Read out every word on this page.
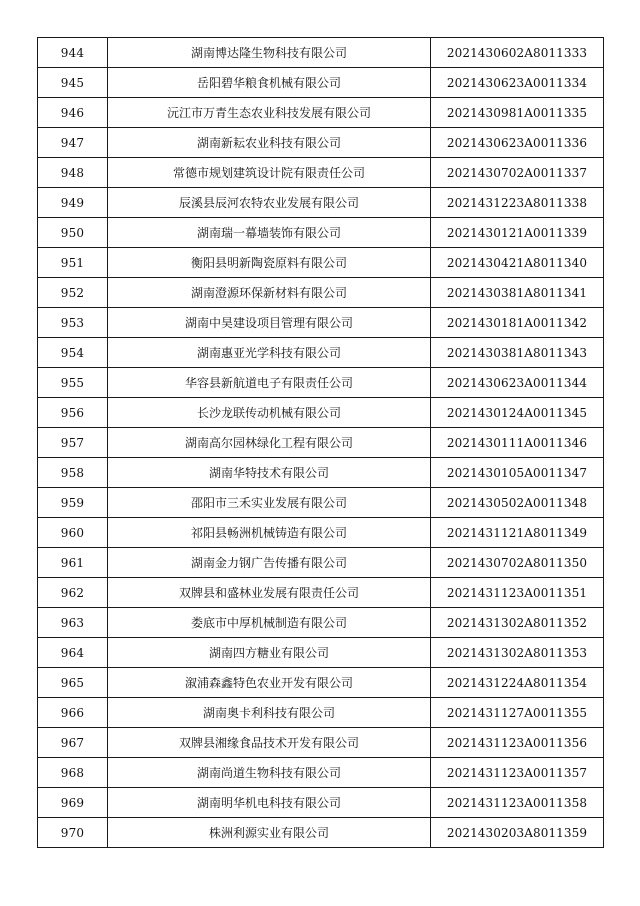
944	湖南博达隆生物科技有限公司	2021430602A8011333
945	岳阳碧华粮食机械有限公司	2021430623A0011334
946	沅江市万青生态农业科技发展有限公司	2021430981A0011335
947	湖南新耘农业科技有限公司	2021430623A0011336
948	常德市规划建筑设计院有限责任公司	2021430702A0011337
949	辰溪县辰河农特农业发展有限公司	2021431223A8011338
950	湖南瑞一幕墙装饰有限公司	2021430121A0011339
951	衡阳县明新陶瓷原料有限公司	2021430421A8011340
952	湖南澄源环保新材料有限公司	2021430381A8011341
953	湖南中昊建设项目管理有限公司	2021430181A0011342
954	湖南惠亚光学科技有限公司	2021430381A8011343
955	华容县新航道电子有限责任公司	2021430623A0011344
956	长沙龙联传动机械有限公司	2021430124A0011345
957	湖南高尔园林绿化工程有限公司	2021430111A0011346
958	湖南华特技术有限公司	2021430105A0011347
959	邵阳市三禾实业发展有限公司	2021430502A0011348
960	祁阳县畅洲机械铸造有限公司	2021431121A8011349
961	湖南金力钢广告传播有限公司	2021430702A8011350
962	双牌县和盛林业发展有限责任公司	2021431123A0011351
963	娄底市中厚机械制造有限公司	2021431302A8011352
964	湖南四方糖业有限公司	2021431302A8011353
965	溆浦森鑫特色农业开发有限公司	2021431224A8011354
966	湖南奥卡利科技有限公司	2021431127A0011355
967	双牌县湘缘食品技术开发有限公司	2021431123A0011356
968	湖南尚道生物科技有限公司	2021431123A0011357
969	湖南明华机电科技有限公司	2021431123A0011358
970	株洲利源实业有限公司	2021430203A8011359
